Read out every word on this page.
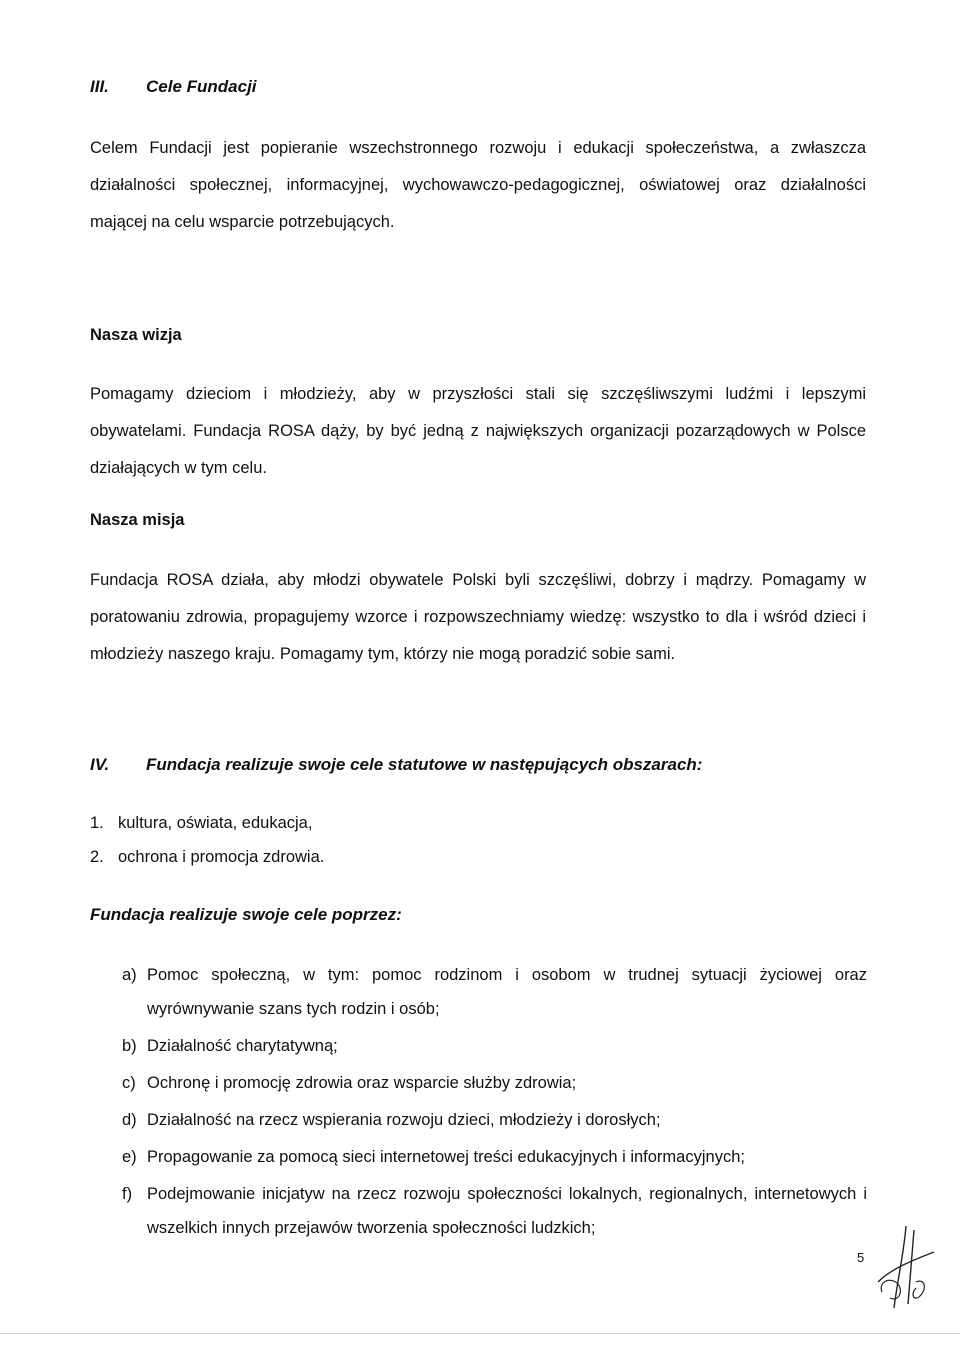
III. Cele Fundacji

Celem Fundacji jest popieranie wszechstronnego rozwoju i edukacji społeczeństwa, a zwłaszcza działalności społecznej, informacyjnej, wychowawczo-pedagogicznej, oświatowej oraz działalności mającej na celu wsparcie potrzebujących.

Nasza wizja

Pomagamy dzieciom i młodzieży, aby w przyszłości stali się szczęśliwszymi ludźmi i lepszymi obywatelami. Fundacja ROSA dąży, by być jedną z największych organizacji pozarządowych w Polsce działających w tym celu.

Nasza misja

Fundacja ROSA działa, aby młodzi obywatele Polski byli szczęśliwi, dobrzy i mądrzy. Pomagamy w poratowaniu zdrowia, propagujemy wzorce i rozpowszechniamy wiedzę: wszystko to dla i wśród dzieci i młodzieży naszego kraju. Pomagamy tym, którzy nie mogą poradzić sobie sami.

IV. Fundacja realizuje swoje cele statutowe w następujących obszarach:
1. kultura, oświata, edukacja,
2. ochrona i promocja zdrowia.
Fundacja realizuje swoje cele poprzez:
a) Pomoc społeczną, w tym: pomoc rodzinom i osobom w trudnej sytuacji życiowej oraz wyrównywanie szans tych rodzin i osób;
b) Działalność charytatywną;
c) Ochronę i promocję zdrowia oraz wsparcie służby zdrowia;
d) Działalność na rzecz wspierania rozwoju dzieci, młodzieży i dorosłych;
e) Propagowanie za pomocą sieci internetowej treści edukacyjnych i informacyjnych;
f) Podejmowanie inicjatyw na rzecz rozwoju społeczności lokalnych, regionalnych, internetowych i wszelkich innych przejawów tworzenia społeczności ludzkich;
5
